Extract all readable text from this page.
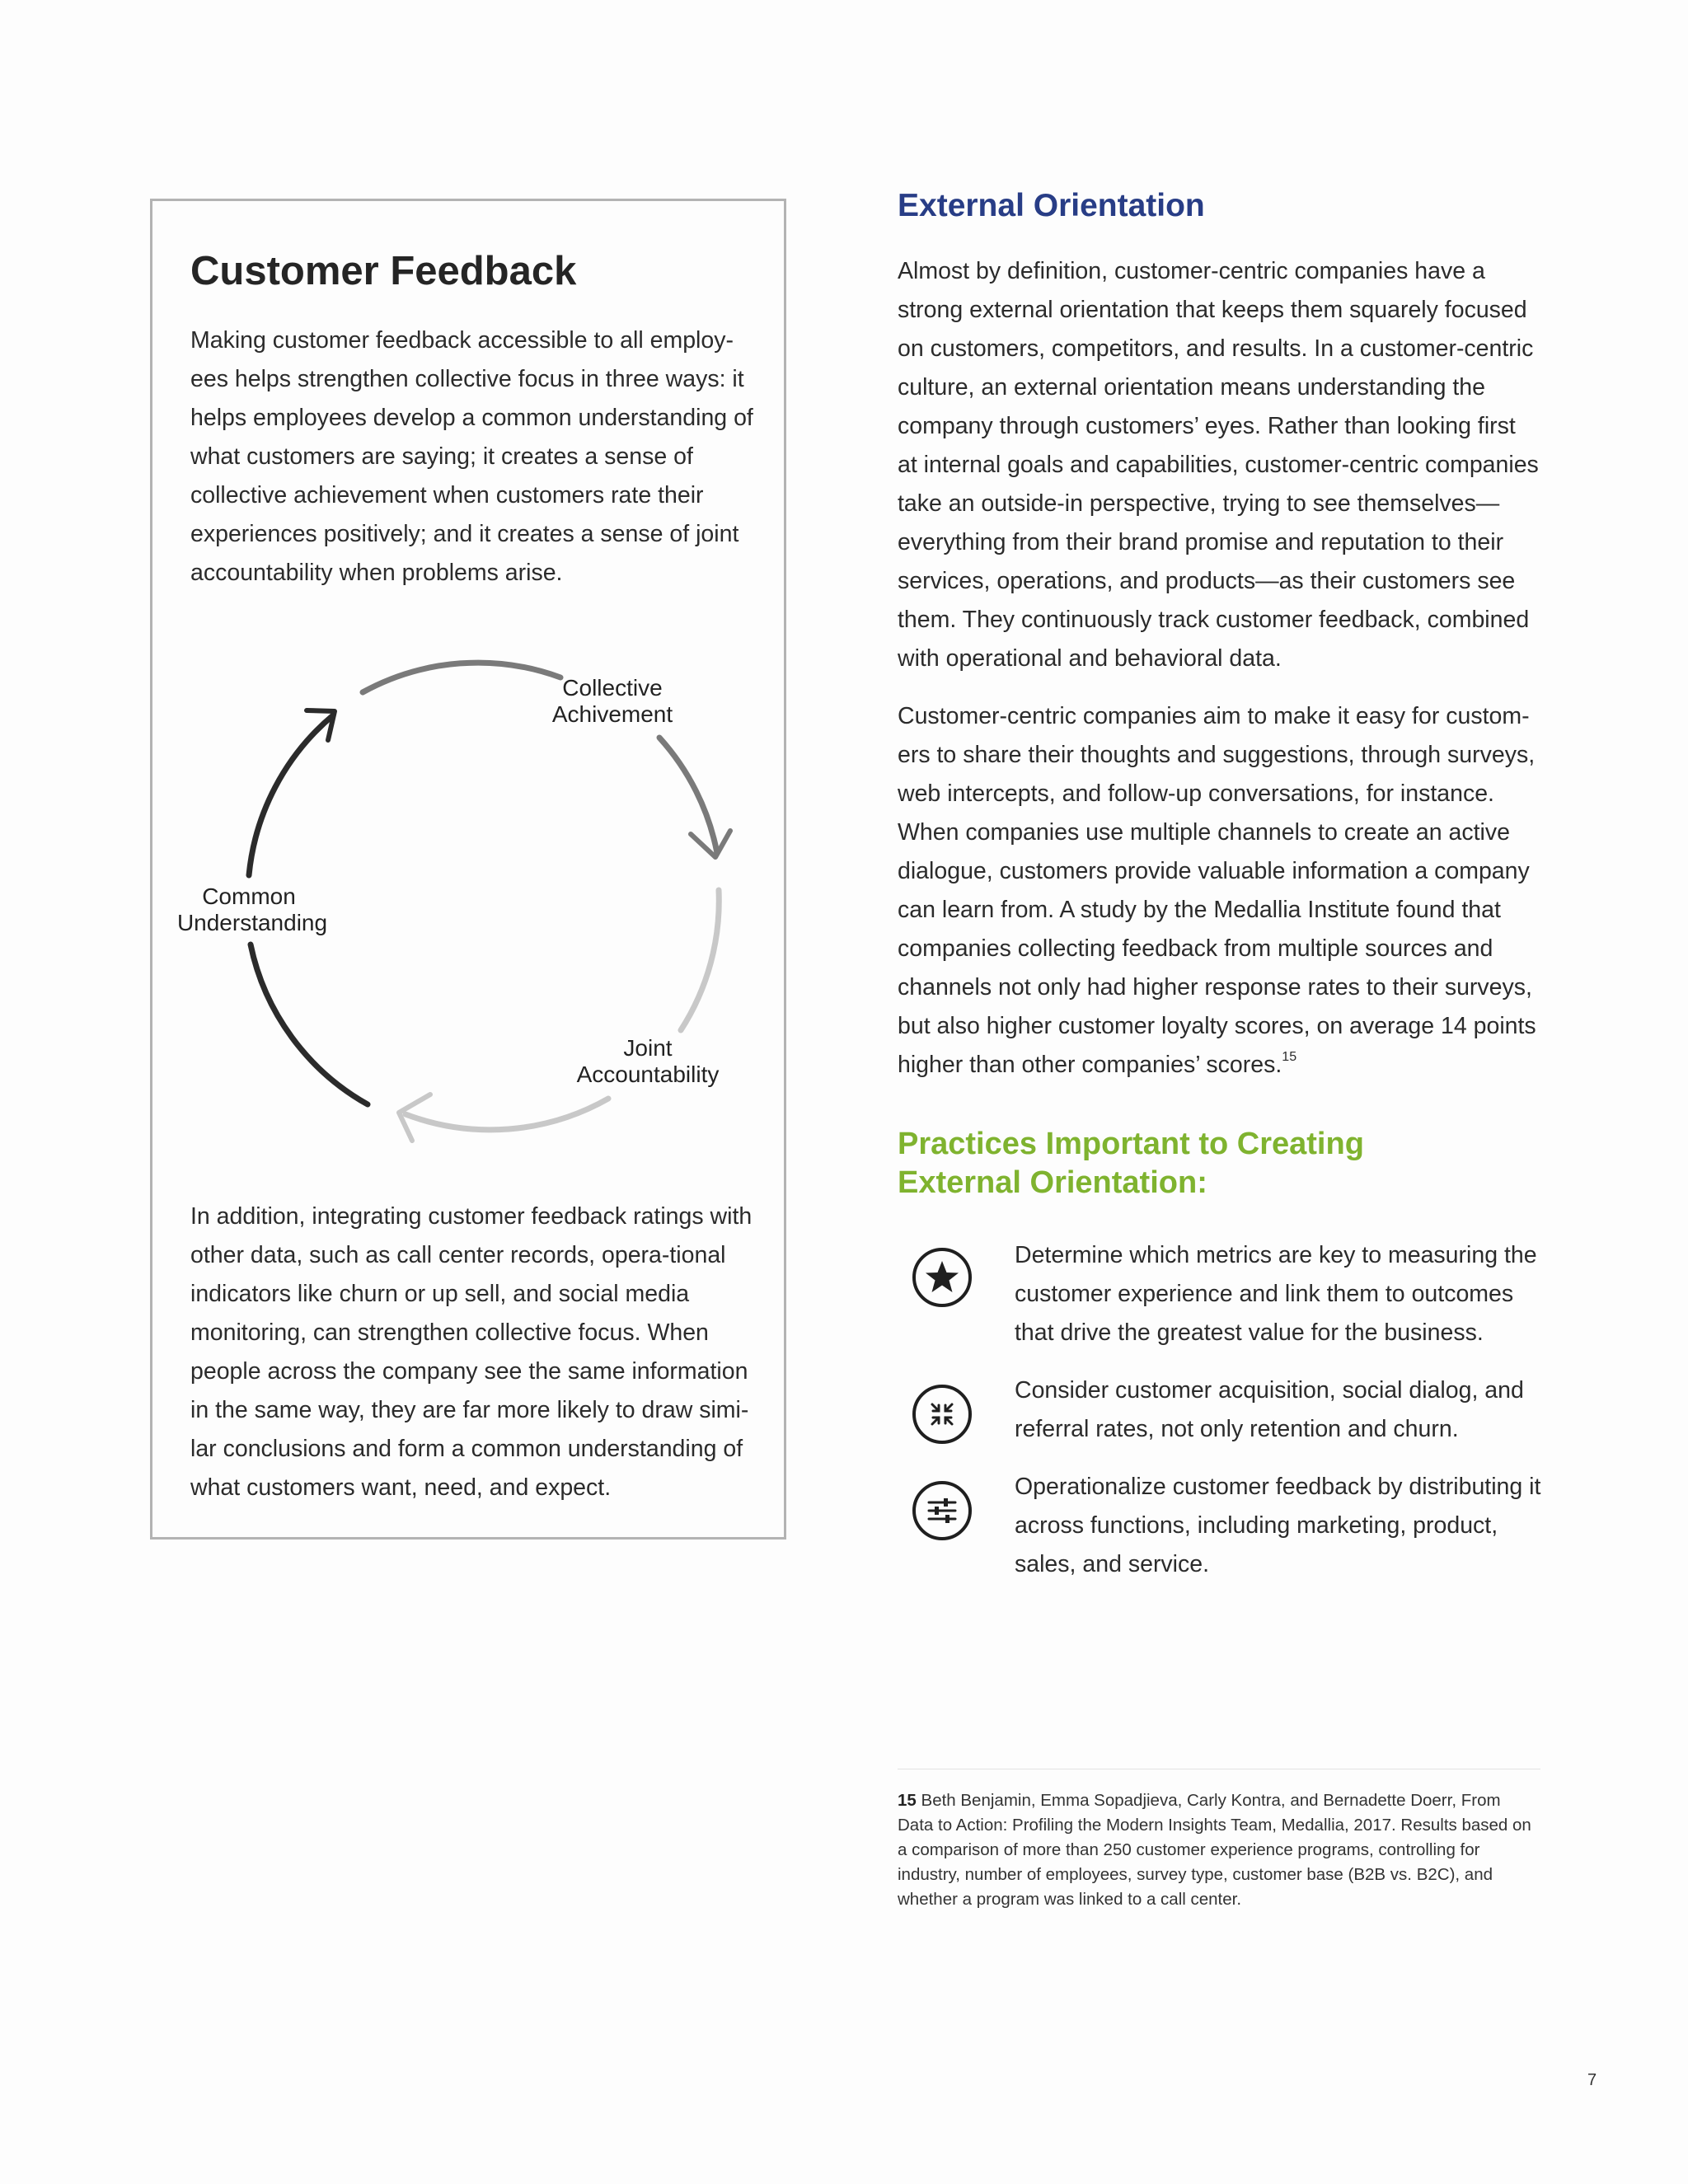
Customer Feedback

Making customer feedback accessible to all employ-ees helps strengthen collective focus in three ways: it helps employees develop a common understanding of what customers are saying; it creates a sense of collective achievement when customers rate their experiences positively; and it creates a sense of joint accountability when problems arise.

Collective
Achivement
Joint
Accountability
Common
Understanding

In addition, integrating customer feedback ratings with other data, such as call center records, opera-tional indicators like churn or up sell, and social media monitoring, can strengthen collective focus. When people across the company see the same information in the same way, they are far more likely to draw simi-lar conclusions and form a common understanding of what customers want, need, and expect.

External Orientation

Almost by definition, customer-centric companies have a strong external orientation that keeps them squarely focused on customers, competitors, and results. In a customer-centric culture, an external orientation means understanding the company through customers’ eyes. Rather than looking first at internal goals and capabilities, customer-centric companies take an outside-in perspective, trying to see themselves—everything from their brand promise and reputation to their services, operations, and products—as their customers see them. They continuously track customer feedback, combined with operational and behavioral data.

Customer-centric companies aim to make it easy for custom-ers to share their thoughts and suggestions, through surveys, web intercepts, and follow-up conversations, for instance. When companies use multiple channels to create an active dialogue, customers provide valuable information a company can learn from. A study by the Medallia Institute found that companies collecting feedback from multiple sources and channels not only had higher response rates to their surveys, but also higher customer loyalty scores, on average 14 points higher than other companies’ scores.$^{15}$

Practices Important to Creating
External Orientation:

Determine which metrics are key to measuring the customer experience and link them to outcomes that drive the greatest value for the business.

Consider customer acquisition, social dialog, and referral rates, not only retention and churn.

Operationalize customer feedback by distributing it across functions, including marketing, product, sales, and service.

15 Beth Benjamin, Emma Sopadjieva, Carly Kontra, and Bernadette Doerr, From Data to Action: Profiling the Modern Insights Team, Medallia, 2017. Results based on a comparison of more than 250 customer experience programs, controlling for industry, number of employees, survey type, customer base (B2B vs. B2C), and whether a program was linked to a call center.

7
